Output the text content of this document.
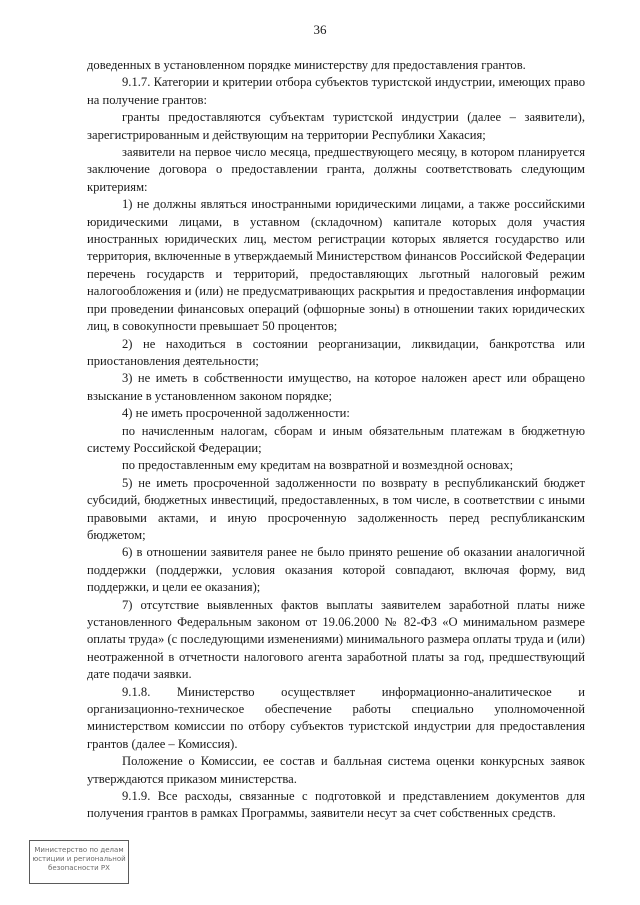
36

доведенных в установленном порядке министерству для предоставления грантов.

9.1.7. Категории и критерии отбора субъектов туристской индустрии, имеющих право на получение грантов:

гранты предоставляются субъектам туристской индустрии (далее – заявители), зарегистрированным и действующим на территории Республики Хакасия;

заявители на первое число месяца, предшествующего месяцу, в котором планируется заключение договора о предоставлении гранта, должны соответствовать следующим критериям:

1) не должны являться иностранными юридическими лицами, а также российскими юридическими лицами, в уставном (складочном) капитале которых доля участия иностранных юридических лиц, местом регистрации которых является государство или территория, включенные в утверждаемый Министерством финансов Российской Федерации перечень государств и территорий, предоставляющих льготный налоговый режим налогообложения и (или) не предусматривающих раскрытия и предоставления информации при проведении финансовых операций (офшорные зоны) в отношении таких юридических лиц, в совокупности превышает 50 процентов;

2) не находиться в состоянии реорганизации, ликвидации, банкротства или приостановления деятельности;

3) не иметь в собственности имущество, на которое наложен арест или обращено взыскание в установленном законом порядке;

4) не иметь просроченной задолженности:

по начисленным налогам, сборам и иным обязательным платежам в бюджетную систему Российской Федерации;

по предоставленным ему кредитам на возвратной и возмездной основах;

5) не иметь просроченной задолженности по возврату в республиканский бюджет субсидий, бюджетных инвестиций, предоставленных, в том числе, в соответствии с иными правовыми актами, и иную просроченную задолженность перед республиканским бюджетом;

6) в отношении заявителя ранее не было принято решение об оказании аналогичной поддержки (поддержки, условия оказания которой совпадают, включая форму, вид поддержки, и цели ее оказания);

7) отсутствие выявленных фактов выплаты заявителем заработной платы ниже установленного Федеральным законом от 19.06.2000 № 82-ФЗ «О минимальном размере оплаты труда» (с последующими изменениями) минимального размера оплаты труда и (или) неотраженной в отчетности налогового агента заработной платы за год, предшествующий дате подачи заявки.

9.1.8. Министерство осуществляет информационно-аналитическое и организационно-техническое обеспечение работы специально уполномоченной министерством комиссии по отбору субъектов туристской индустрии для предоставления грантов (далее – Комиссия).

Положение о Комиссии, ее состав и балльная система оценки конкурсных заявок утверждаются приказом министерства.

9.1.9. Все расходы, связанные с подготовкой и представлением документов для получения грантов в рамках Программы, заявители несут за счет собственных средств.

Министерство по делам
юстиции и региональной
безопасности РХ
